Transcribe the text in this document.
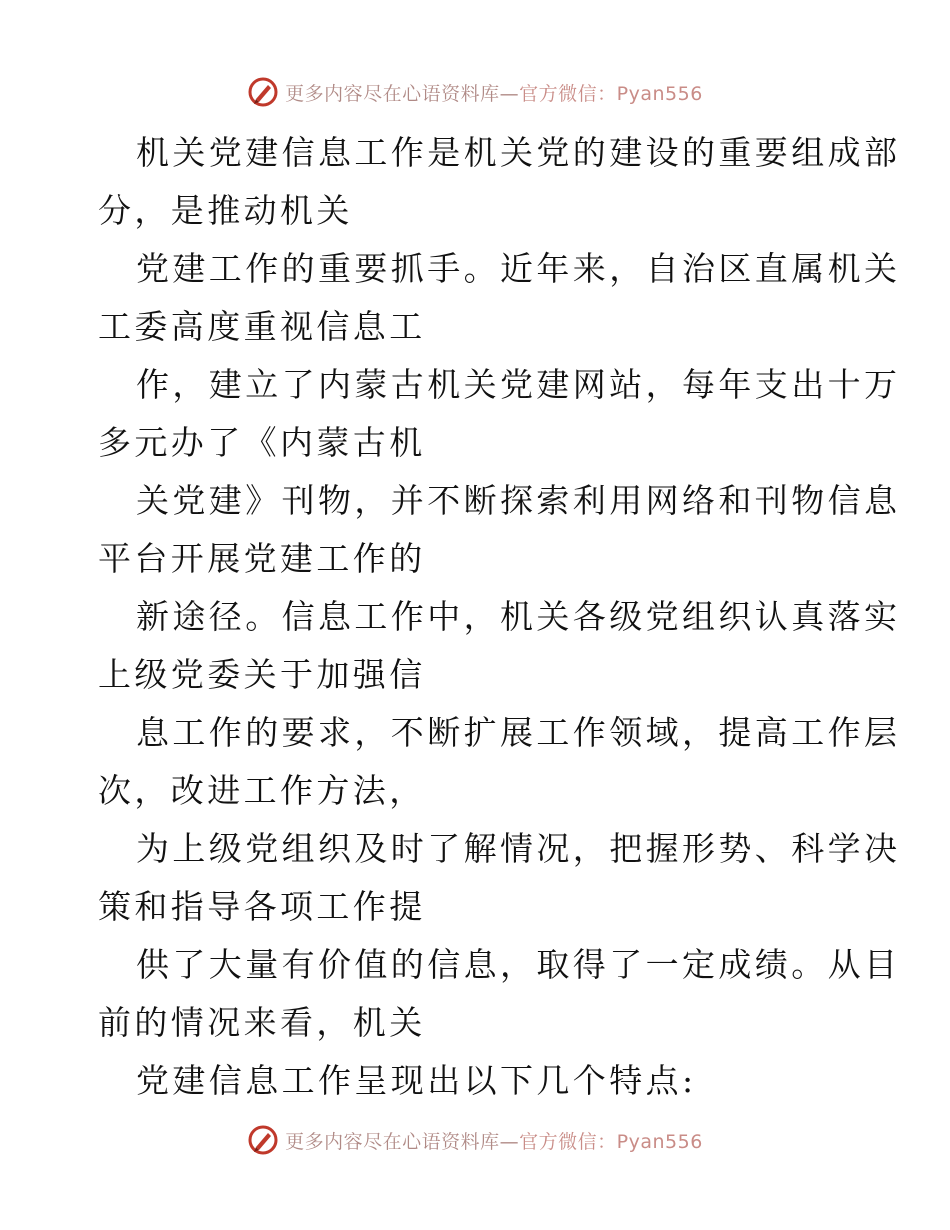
更多内容尽在心语资料库—官方微信：Pyan556
机关党建信息工作是机关党的建设的重要组成部
分，是推动机关
党建工作的重要抓手。近年来，自治区直属机关
工委高度重视信息工
作，建立了内蒙古机关党建网站，每年支出十万
多元办了《内蒙古机
关党建》刊物，并不断探索利用网络和刊物信息
平台开展党建工作的
新途径。信息工作中，机关各级党组织认真落实
上级党委关于加强信
息工作的要求，不断扩展工作领域，提高工作层
次，改进工作方法，
为上级党组织及时了解情况，把握形势、科学决
策和指导各项工作提
供了大量有价值的信息，取得了一定成绩。从目
前的情况来看，机关
党建信息工作呈现出以下几个特点:
更多内容尽在心语资料库—官方微信：Pyan556
